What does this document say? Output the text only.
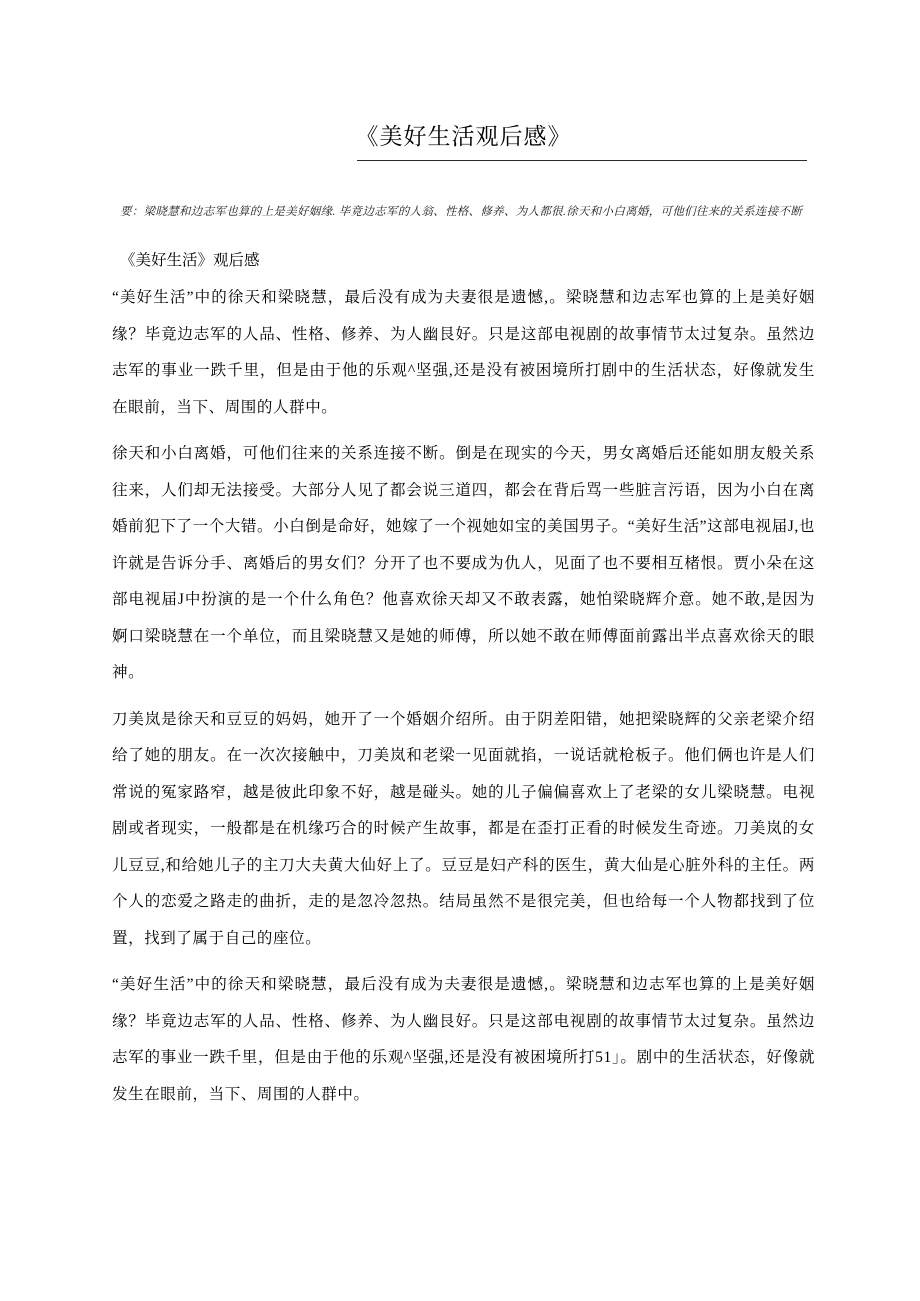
《美好生活观后感》
要：梁晓慧和边志军也算的上是美好姻缘. 毕竟边志军的人翁、性格、修养、为人都很.徐天和小白离婚，可他们往来的关系连接不断
《美好生活》观后感

“美好生活”中的徐天和梁晓慧，最后没有成为夫妻很是遗憾,。梁晓慧和边志军也算的上是美好姻缘？毕竟边志军的人品、性格、修养、为人幽艮好。只是这部电视剧的故事情节太过复杂。虽然边志军的事业一跌千里，但是由于他的乐观^坚强,还是没有被困境所打剧中的生活状态，好像就发生在眼前，当下、周围的人群中。

徐天和小白离婚，可他们往来的关系连接不断。倒是在现实的今天，男女离婚后还能如朋友般关系往来，人们却无法接受。大部分人见了都会说三道四，都会在背后骂一些脏言污语，因为小白在离婚前犯下了一个大错。小白倒是命好，她嫁了一个视她如宝的美国男子。“美好生活”这部电视届J,也许就是告诉分手、离婚后的男女们？分开了也不要成为仇人，见面了也不要相互楮恨。贾小朵在这部电视届J中扮演的是一个什么角色？他喜欢徐天却又不敢表露，她怕梁晓辉介意。她不敢,是因为婀口梁晓慧在一个单位，而且梁晓慧又是她的师傅，所以她不敢在师傅面前露出半点喜欢徐天的眼神。

刀美岚是徐天和豆豆的妈妈，她开了一个婚姻介绍所。由于阴差阳错，她把梁晓辉的父亲老梁介绍给了她的朋友。在一次次接触中，刀美岚和老梁一见面就掐，一说话就枪板子。他们俩也许是人们常说的冤家路窄，越是彼此印象不好，越是碰头。她的儿子偏偏喜欢上了老梁的女儿梁晓慧。电视剧或者现实，一般都是在机缘巧合的时候产生故事，都是在歪打正看的时候发生奇迹。刀美岚的女儿豆豆,和给她儿子的主刀大夫黄大仙好上了。豆豆是妇产科的医生，黄大仙是心脏外科的主任。两个人的恋爱之路走的曲折，走的是忽冷忽热。结局虽然不是很完美，但也给每一个人物都找到了位置，找到了属于自己的座位。

“美好生活”中的徐天和梁晓慧，最后没有成为夫妻很是遗憾,。梁晓慧和边志军也算的上是美好姻缘？毕竟边志军的人品、性格、修养、为人幽艮好。只是这部电视剧的故事情节太过复杂。虽然边志军的事业一跌千里，但是由于他的乐观^坚强,还是没有被困境所打51」。剧中的生活状态，好像就发生在眼前，当下、周围的人群中。
